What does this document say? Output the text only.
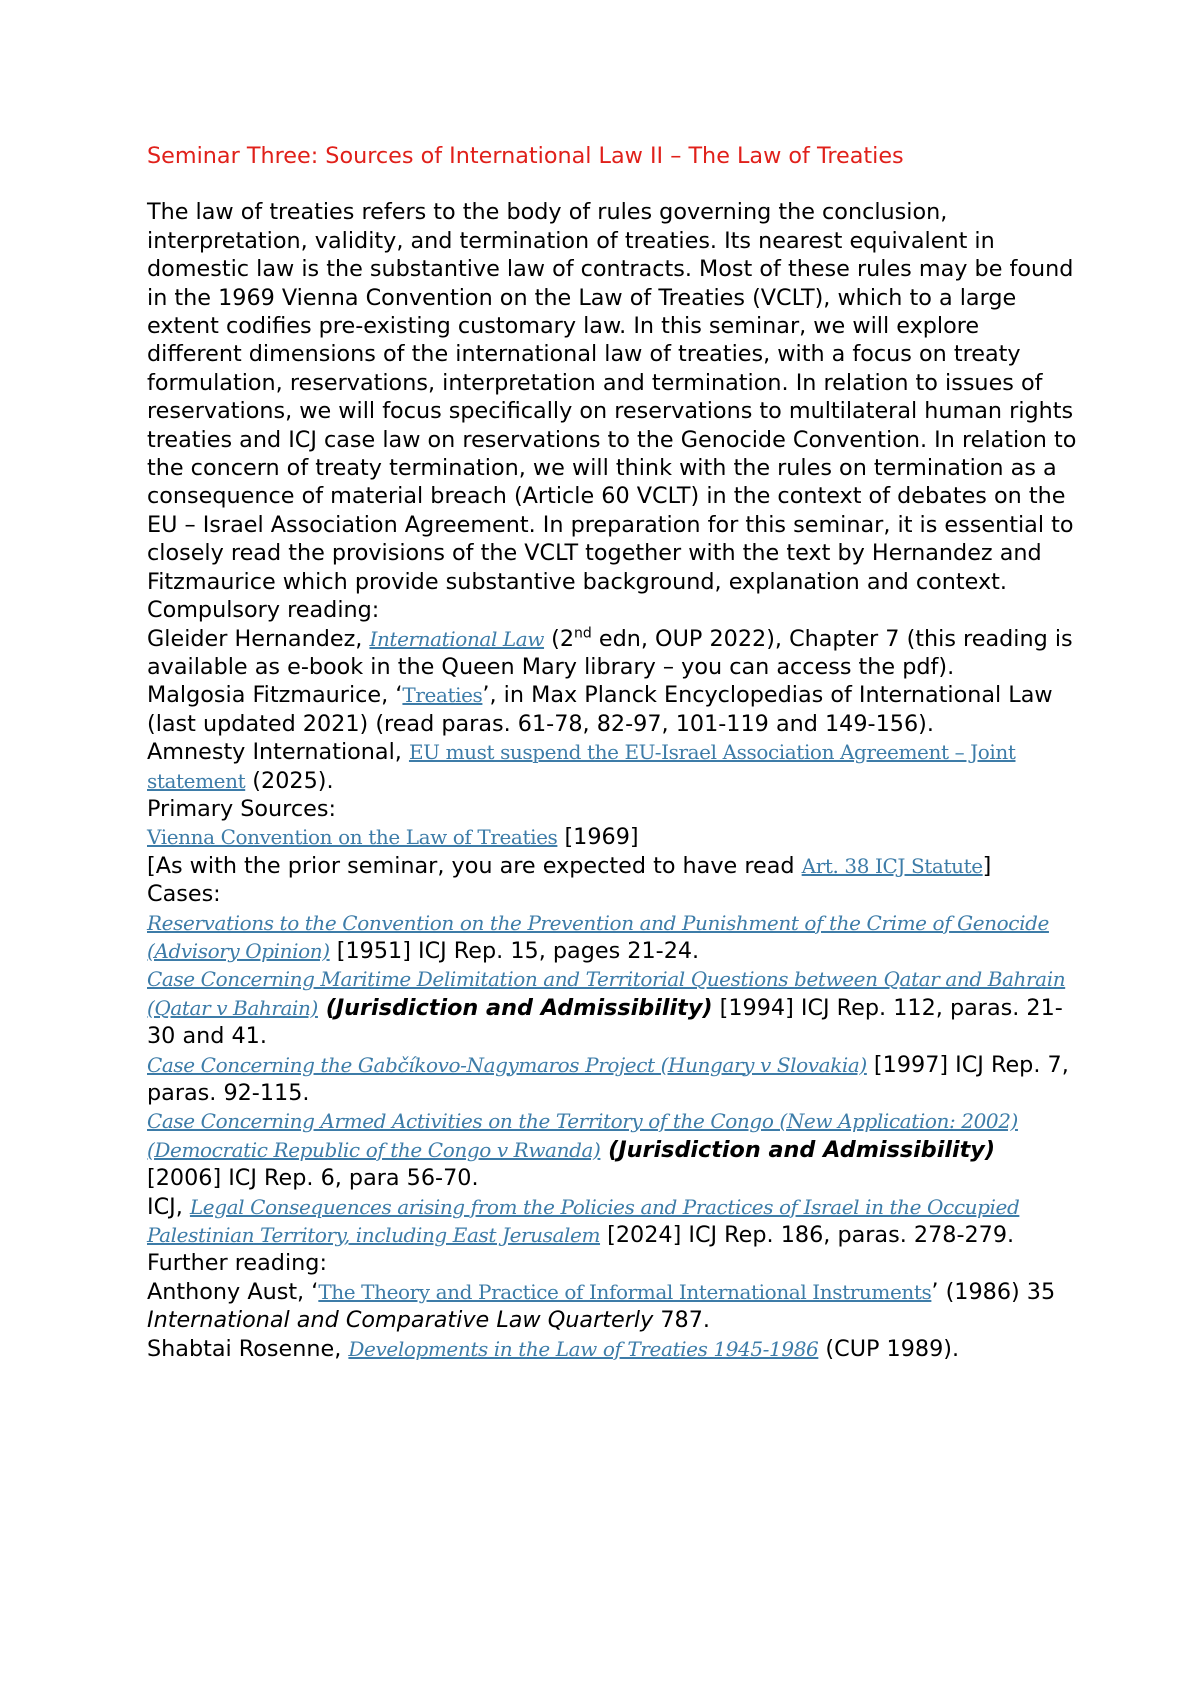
Seminar Three: Sources of International Law II – The Law of Treaties

The law of treaties refers to the body of rules governing the conclusion, interpretation, validity, and termination of treaties. Its nearest equivalent in domestic law is the substantive law of contracts. Most of these rules may be found in the 1969 Vienna Convention on the Law of Treaties (VCLT), which to a large extent codifies pre-existing customary law. In this seminar, we will explore different dimensions of the international law of treaties, with a focus on treaty formulation, reservations, interpretation and termination. In relation to issues of reservations, we will focus specifically on reservations to multilateral human rights treaties and ICJ case law on reservations to the Genocide Convention. In relation to the concern of treaty termination, we will think with the rules on termination as a consequence of material breach (Article 60 VCLT) in the context of debates on the EU – Israel Association Agreement. In preparation for this seminar, it is essential to closely read the provisions of the VCLT together with the text by Hernandez and Fitzmaurice which provide substantive background, explanation and context.

Compulsory reading:

Gleider Hernandez, International Law (2nd edn, OUP 2022), Chapter 7 (this reading is available as e-book in the Queen Mary library – you can access the pdf).

Malgosia Fitzmaurice, ‘Treaties’, in Max Planck Encyclopedias of International Law (last updated 2021) (read paras. 61-78, 82-97, 101-119 and 149-156).

Amnesty International, EU must suspend the EU-Israel Association Agreement – Joint statement (2025).

Primary Sources:

Vienna Convention on the Law of Treaties [1969]

[As with the prior seminar, you are expected to have read Art. 38 ICJ Statute]

Cases:

Reservations to the Convention on the Prevention and Punishment of the Crime of Genocide (Advisory Opinion) [1951] ICJ Rep. 15, pages 21-24.

Case Concerning Maritime Delimitation and Territorial Questions between Qatar and Bahrain (Qatar v Bahrain) (Jurisdiction and Admissibility) [1994] ICJ Rep. 112, paras. 21-30 and 41.

Case Concerning the Gabčíkovo-Nagymaros Project (Hungary v Slovakia) [1997] ICJ Rep. 7, paras. 92-115.

Case Concerning Armed Activities on the Territory of the Congo (New Application: 2002) (Democratic Republic of the Congo v Rwanda) (Jurisdiction and Admissibility)
[2006] ICJ Rep. 6, para 56-70.

ICJ, Legal Consequences arising from the Policies and Practices of Israel in the Occupied Palestinian Territory, including East Jerusalem [2024] ICJ Rep. 186, paras. 278-279.

Further reading:

Anthony Aust, ‘The Theory and Practice of Informal International Instruments’ (1986) 35 International and Comparative Law Quarterly 787.

Shabtai Rosenne, Developments in the Law of Treaties 1945-1986 (CUP 1989).
